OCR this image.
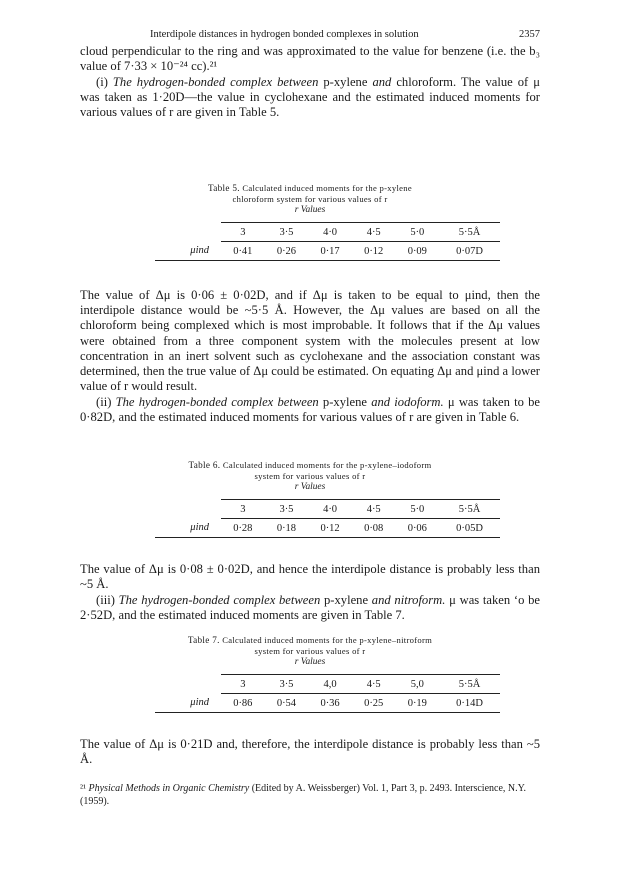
Interdipole distances in hydrogen bonded complexes in solution	2357

cloud perpendicular to the ring and was approximated to the value for benzene (i.e. the b₃ value of 7·33 × 10⁻²⁴ cc).²¹

(i) The hydrogen-bonded complex between p-xylene and chloroform. The value of μ was taken as 1·20D—the value in cyclohexane and the estimated induced moments for various values of r are given in Table 5.

Table 5. Calculated induced moments for the p-xylene
chloroform system for various values of r
r Values
	3	3·5	4·0	4·5	5·0	5·5Å
μind	0·41	0·26	0·17	0·12	0·09	0·07D

The value of Δμ is 0·06 ± 0·02D, and if Δμ is taken to be equal to μind, then the interdipole distance would be ~5·5 Å. However, the Δμ values are based on all the chloroform being complexed which is most improbable. It follows that if the Δμ values were obtained from a three component system with the molecules present at low concentration in an inert solvent such as cyclohexane and the association constant was determined, then the true value of Δμ could be estimated. On equating Δμ and μind a lower value of r would result.

(ii) The hydrogen-bonded complex between p-xylene and iodoform. μ was taken to be 0·82D, and the estimated induced moments for various values of r are given in Table 6.

Table 6. Calculated induced moments for the p-xylene–iodoform
system for various values of r
r Values
	3	3·5	4·0	4·5	5·0	5·5Å
μind	0·28	0·18	0·12	0·08	0·06	0·05D

The value of Δμ is 0·08 ± 0·02D, and hence the interdipole distance is probably less than ~5 Å.

(iii) The hydrogen-bonded complex between p-xylene and nitroform. μ was taken ‘o be 2·52D, and the estimated induced moments are given in Table 7.

Table 7. Calculated induced moments for the p-xylene–nitroform
system for various values of r
r Values
	3	3·5	4,0	4·5	5,0	5·5Å
μind	0·86	0·54	0·36	0·25	0·19	0·14D

The value of Δμ is 0·21D and, therefore, the interdipole distance is probably less than ~5 Å.

²¹ Physical Methods in Organic Chemistry (Edited by A. Weissberger) Vol. 1, Part 3, p. 2493. Interscience, N.Y. (1959).
